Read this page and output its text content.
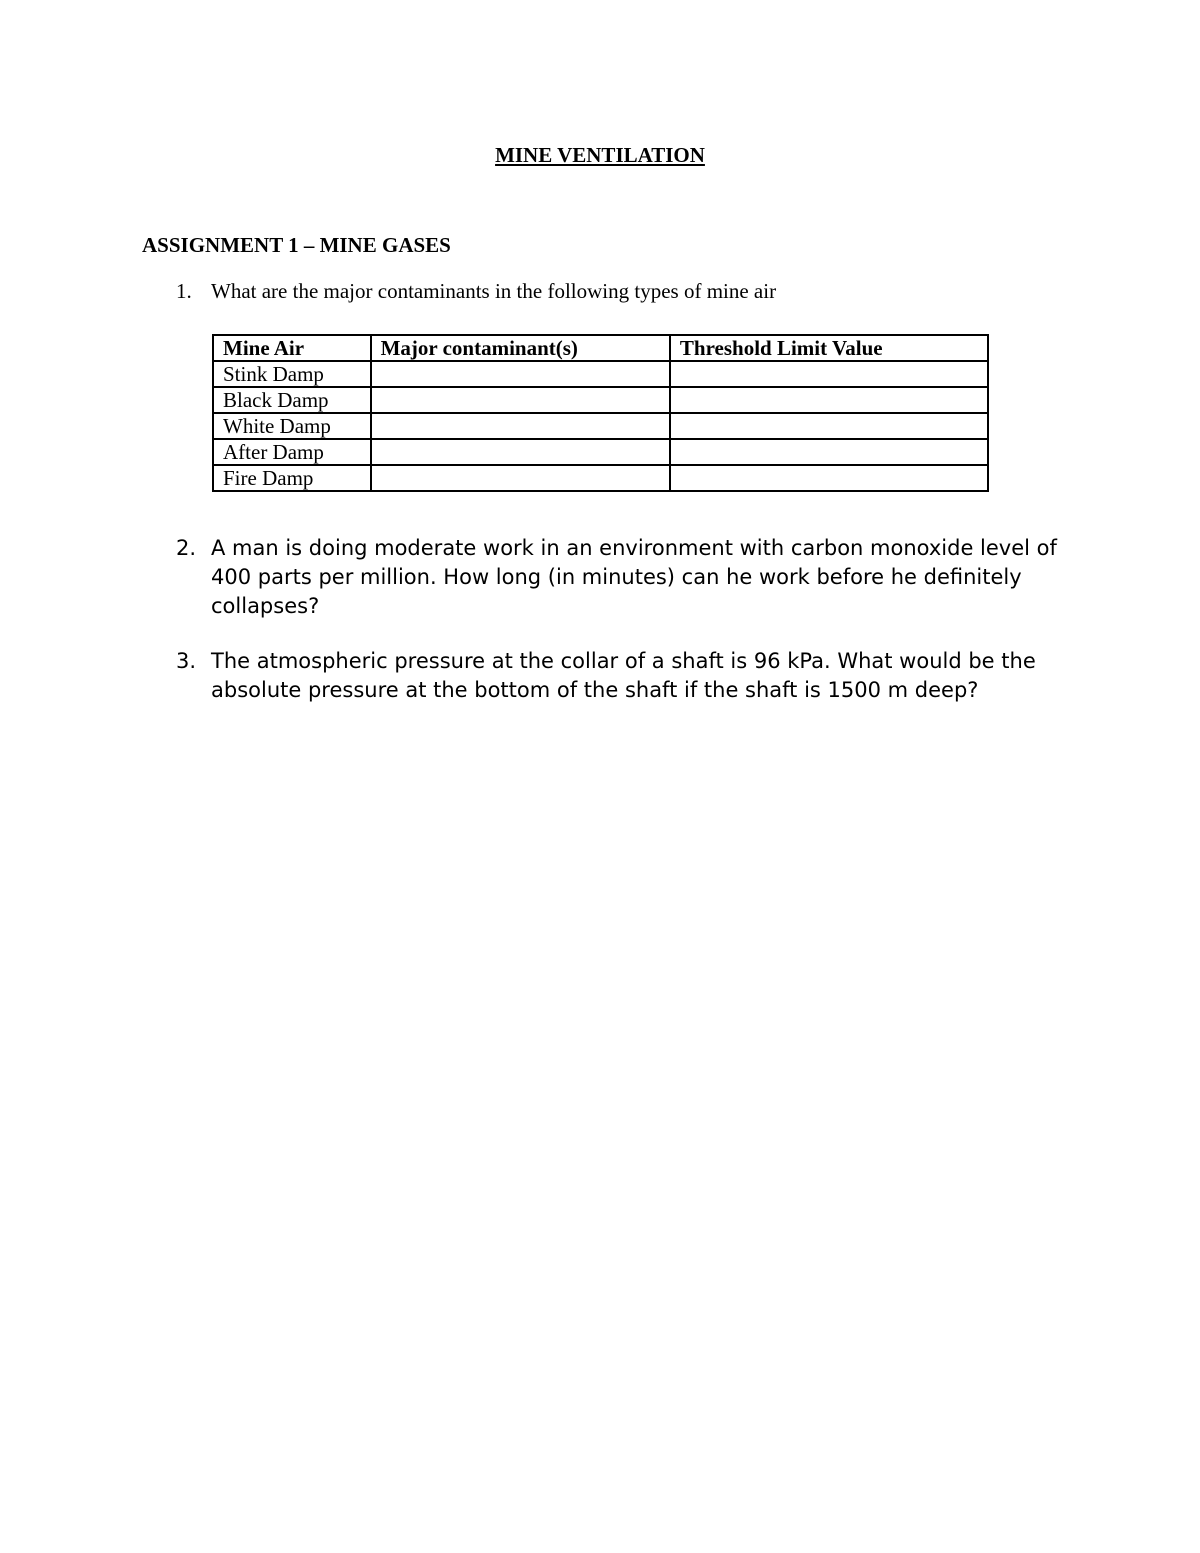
MINE VENTILATION
ASSIGNMENT 1 – MINE GASES
1. What are the major contaminants in the following types of mine air
Mine Air	Major contaminant(s)	Threshold Limit Value
Stink Damp		
Black Damp		
White Damp		
After Damp		
Fire Damp		
2. A man is doing moderate work in an environment with carbon monoxide level of 400 parts per million. How long (in minutes) can he work before he definitely collapses?
3. The atmospheric pressure at the collar of a shaft is 96 kPa. What would be the absolute pressure at the bottom of the shaft if the shaft is 1500 m deep?
